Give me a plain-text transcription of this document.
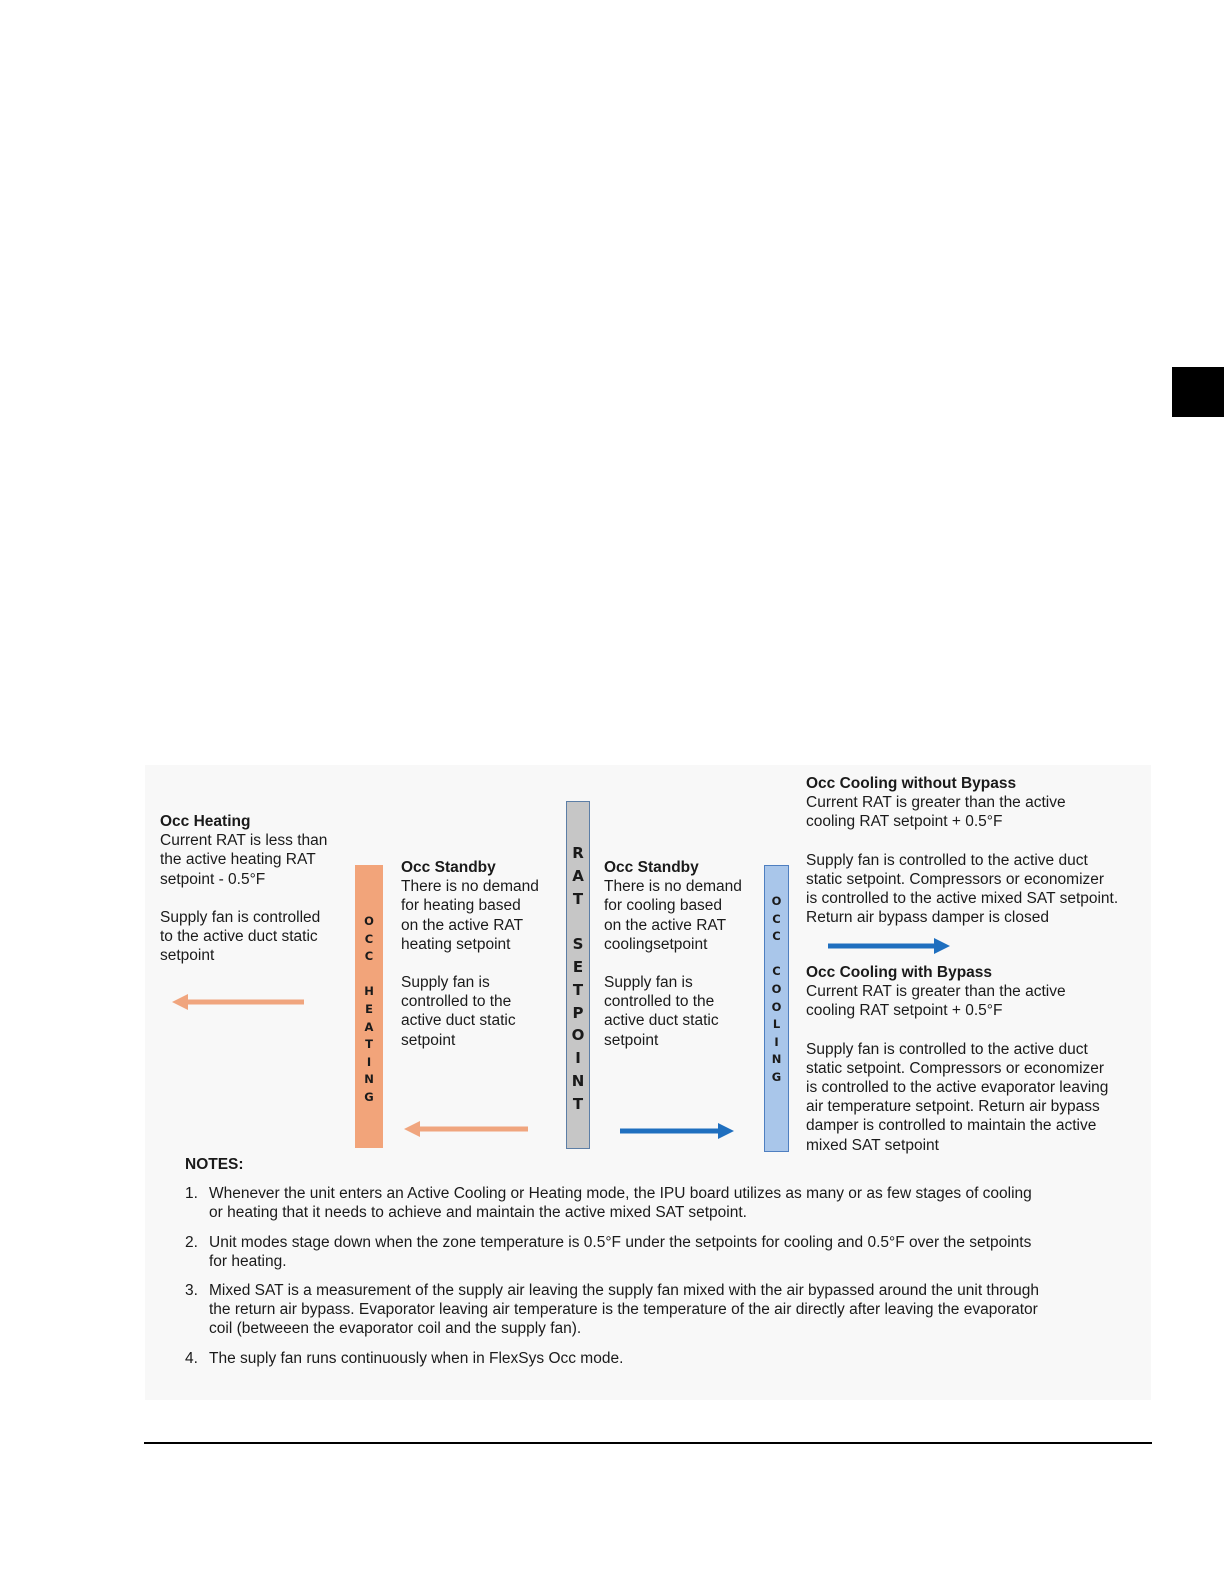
Occ Heating
Current RAT is less than
the active heating RAT
setpoint - 0.5°F
Supply fan is controlled
to the active duct static
setpoint
Occ Standby
There is no demand
for heating based
on the active RAT
heating setpoint
Supply fan is
controlled to the
active duct static
setpoint
Occ Standby
There is no demand
for cooling based
on the active RAT
coolingsetpoint
Supply fan is
controlled to the
active duct static
setpoint
Occ Cooling without Bypass
Current RAT is greater than the active
cooling RAT setpoint + 0.5°F
Supply fan is controlled to the active duct
static setpoint. Compressors or economizer
is controlled to the active mixed SAT setpoint.
Return air bypass damper is closed
Occ Cooling with Bypass
Current RAT is greater than the active
cooling RAT setpoint + 0.5°F
Supply fan is controlled to the active duct
static setpoint. Compressors or economizer
is controlled to the active evaporator leaving
air temperature setpoint. Return air bypass
damper is controlled to maintain the active
mixed SAT setpoint
O
C
C
H
E
A
T
I
N
G
R
A
T
S
E
T
P
O
I
N
T
O
C
C
C
O
O
L
I
N
G
NOTES:
1. Whenever the unit enters an Active Cooling or Heating mode, the IPU board utilizes as many or as few stages of cooling
or heating that it needs to achieve and maintain the active mixed SAT setpoint.
2. Unit modes stage down when the zone temperature is 0.5°F under the setpoints for cooling and 0.5°F over the setpoints
for heating.
3. Mixed SAT is a measurement of the supply air leaving the supply fan mixed with the air bypassed around the unit through
the return air bypass. Evaporator leaving air temperature is the temperature of the air directly after leaving the evaporator
coil (betweeen the evaporator coil and the supply fan).
4. The suply fan runs continuously when in FlexSys Occ mode.
